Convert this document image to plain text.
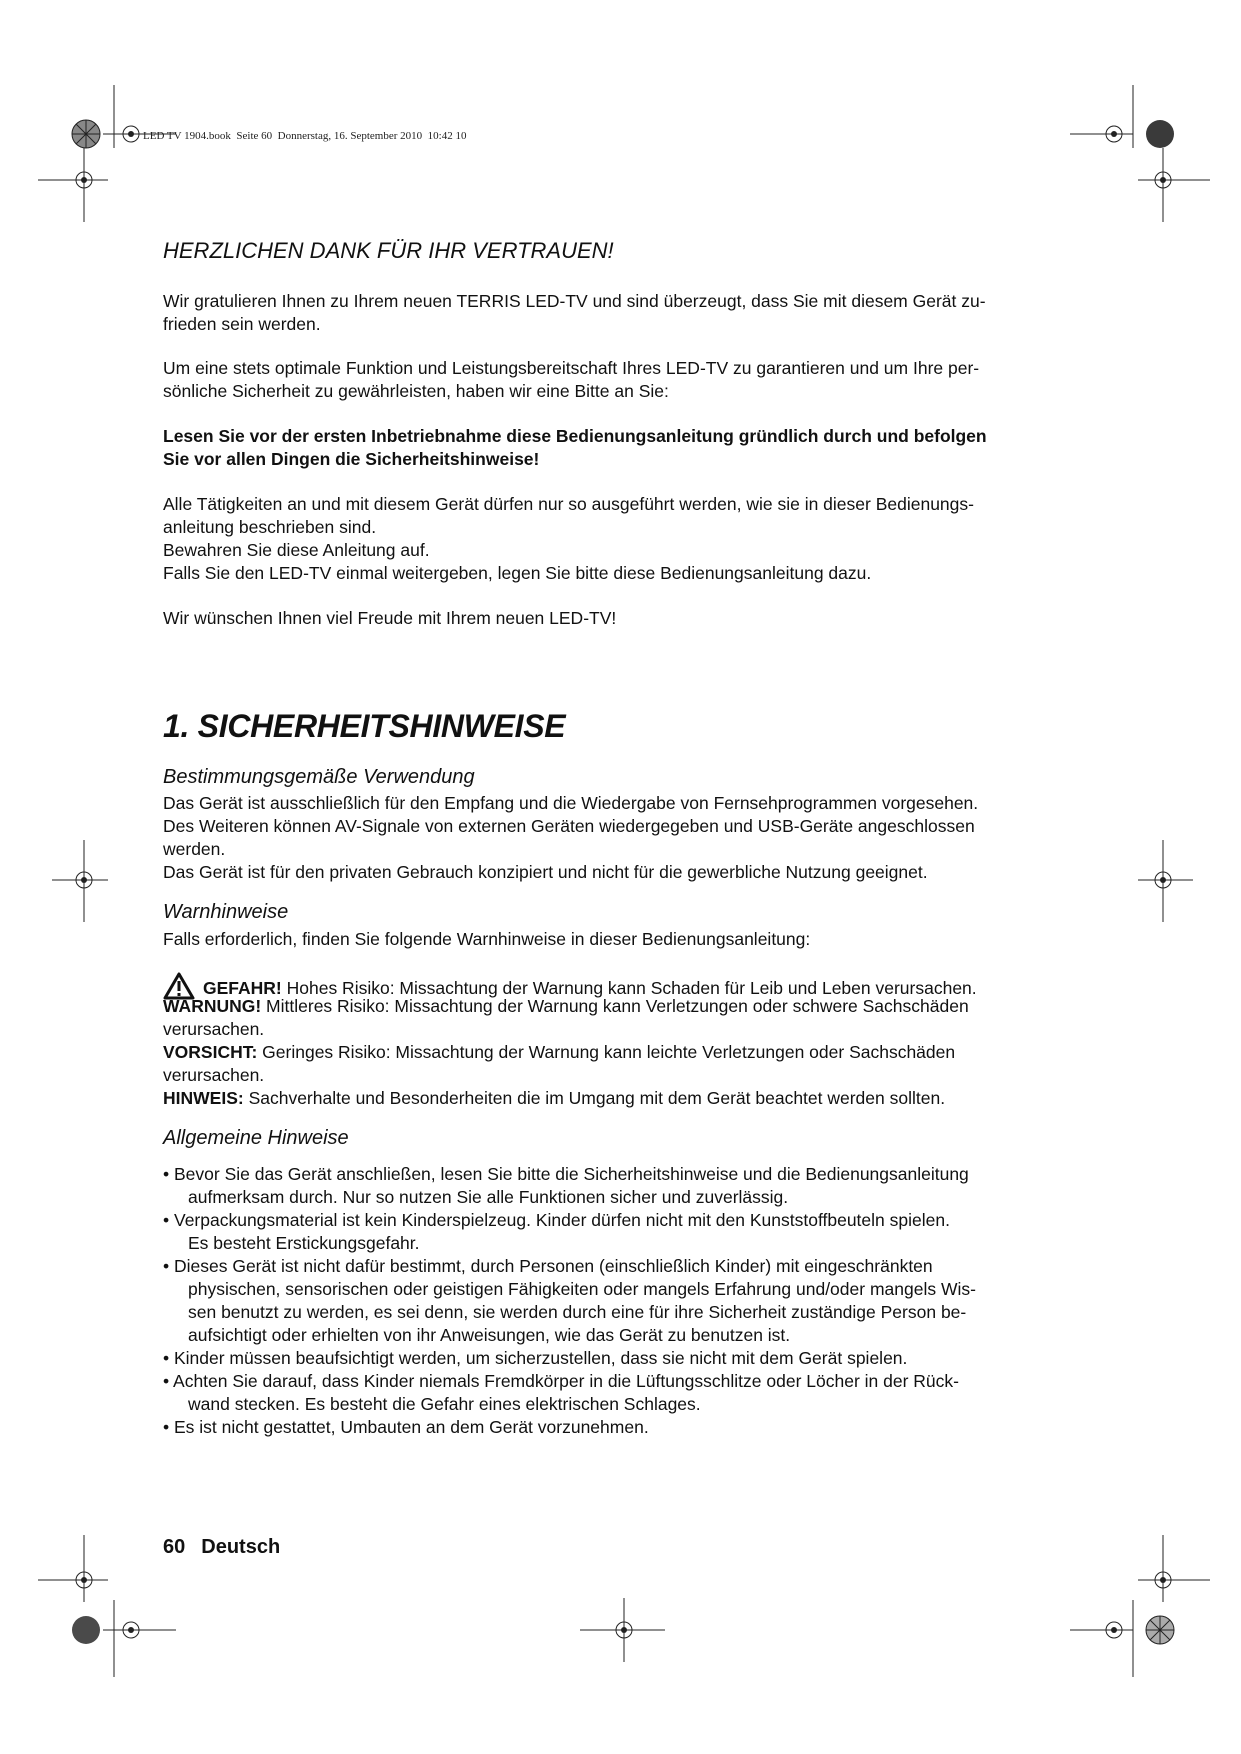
LED TV 1904.book  Seite 60  Donnerstag, 16. September 2010  10:42 10
HERZLICHEN DANK FÜR IHR VERTRAUEN!

Wir gratulieren Ihnen zu Ihrem neuen TERRIS LED-TV und sind überzeugt, dass Sie mit diesem Gerät zu-
frieden sein werden.

Um eine stets optimale Funktion und Leistungsbereitschaft Ihres LED-TV zu garantieren und um Ihre per-
sönliche Sicherheit zu gewährleisten, haben wir eine Bitte an Sie:

Lesen Sie vor der ersten Inbetriebnahme diese Bedienungsanleitung gründlich durch und befolgen
Sie vor allen Dingen die Sicherheitshinweise!

Alle Tätigkeiten an und mit diesem Gerät dürfen nur so ausgeführt werden, wie sie in dieser Bedienungs-
anleitung beschrieben sind.
Bewahren Sie diese Anleitung auf.
Falls Sie den LED-TV einmal weitergeben, legen Sie bitte diese Bedienungsanleitung dazu.

Wir wünschen Ihnen viel Freude mit Ihrem neuen LED-TV!

1. SICHERHEITSHINWEISE
Bestimmungsgemäße Verwendung

Das Gerät ist ausschließlich für den Empfang und die Wiedergabe von Fernsehprogrammen vorgesehen.
Des Weiteren können AV-Signale von externen Geräten wiedergegeben und USB-Geräte angeschlossen
werden.
Das Gerät ist für den privaten Gebrauch konzipiert und nicht für die gewerbliche Nutzung geeignet.

Warnhinweise

Falls erforderlich, finden Sie folgende Warnhinweise in dieser Bedienungsanleitung:

GEFAHR! Hohes Risiko: Missachtung der Warnung kann Schaden für Leib und Leben verursachen.

WARNUNG! Mittleres Risiko: Missachtung der Warnung kann Verletzungen oder schwere Sachschäden
verursachen.

VORSICHT: Geringes Risiko: Missachtung der Warnung kann leichte Verletzungen oder Sachschäden
verursachen.

HINWEIS: Sachverhalte und Besonderheiten die im Umgang mit dem Gerät beachtet werden sollten.

Allgemeine Hinweise
• Bevor Sie das Gerät anschließen, lesen Sie bitte die Sicherheitshinweise und die Bedienungsanleitung
aufmerksam durch. Nur so nutzen Sie alle Funktionen sicher und zuverlässig.
• Verpackungsmaterial ist kein Kinderspielzeug. Kinder dürfen nicht mit den Kunststoffbeuteln spielen.
Es besteht Erstickungsgefahr.
• Dieses Gerät ist nicht dafür bestimmt, durch Personen (einschließlich Kinder) mit eingeschränkten
physischen, sensorischen oder geistigen Fähigkeiten oder mangels Erfahrung und/oder mangels Wis-
sen benutzt zu werden, es sei denn, sie werden durch eine für ihre Sicherheit zuständige Person be-
aufsichtigt oder erhielten von ihr Anweisungen, wie das Gerät zu benutzen ist.
• Kinder müssen beaufsichtigt werden, um sicherzustellen, dass sie nicht mit dem Gerät spielen.
• Achten Sie darauf, dass Kinder niemals Fremdkörper in die Lüftungsschlitze oder Löcher in der Rück-
wand stecken. Es besteht die Gefahr eines elektrischen Schlages.
• Es ist nicht gestattet, Umbauten an dem Gerät vorzunehmen.
60 Deutsch
